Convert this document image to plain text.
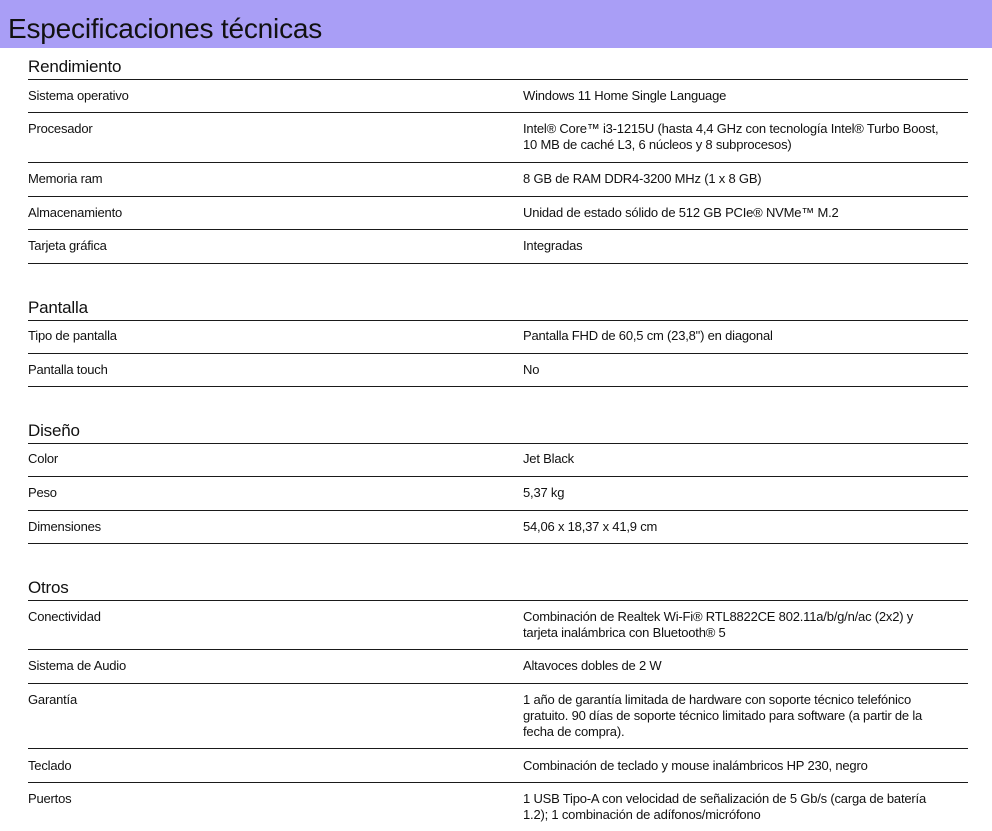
Especificaciones técnicas
Rendimiento
Sistema operativo	Windows 11 Home Single Language
Procesador	Intel® Core™ i3-1215U (hasta 4,4 GHz con tecnología Intel® Turbo Boost, 10 MB de caché L3, 6 núcleos y 8 subprocesos)
Memoria ram	8 GB de RAM DDR4-3200 MHz (1 x 8 GB)
Almacenamiento	Unidad de estado sólido de 512 GB PCIe® NVMe™ M.2
Tarjeta gráfica	Integradas
Pantalla
Tipo de pantalla	Pantalla FHD de 60,5 cm (23,8") en diagonal
Pantalla touch	No
Diseño
Color	Jet Black
Peso	5,37 kg
Dimensiones	54,06 x 18,37 x 41,9 cm
Otros
Conectividad	Combinación de Realtek Wi-Fi® RTL8822CE 802.11a/b/g/n/ac (2x2) y tarjeta inalámbrica con Bluetooth® 5
Sistema de Audio	Altavoces dobles de 2 W
Garantía	1 año de garantía limitada de hardware con soporte técnico telefónico gratuito. 90 días de soporte técnico limitado para software (a partir de la fecha de compra).
Teclado	Combinación de teclado y mouse inalámbricos HP 230, negro
Puertos	1 USB Tipo-A con velocidad de señalización de 5 Gb/s (carga de batería 1.2); 1 combinación de adífonos/micrófono
